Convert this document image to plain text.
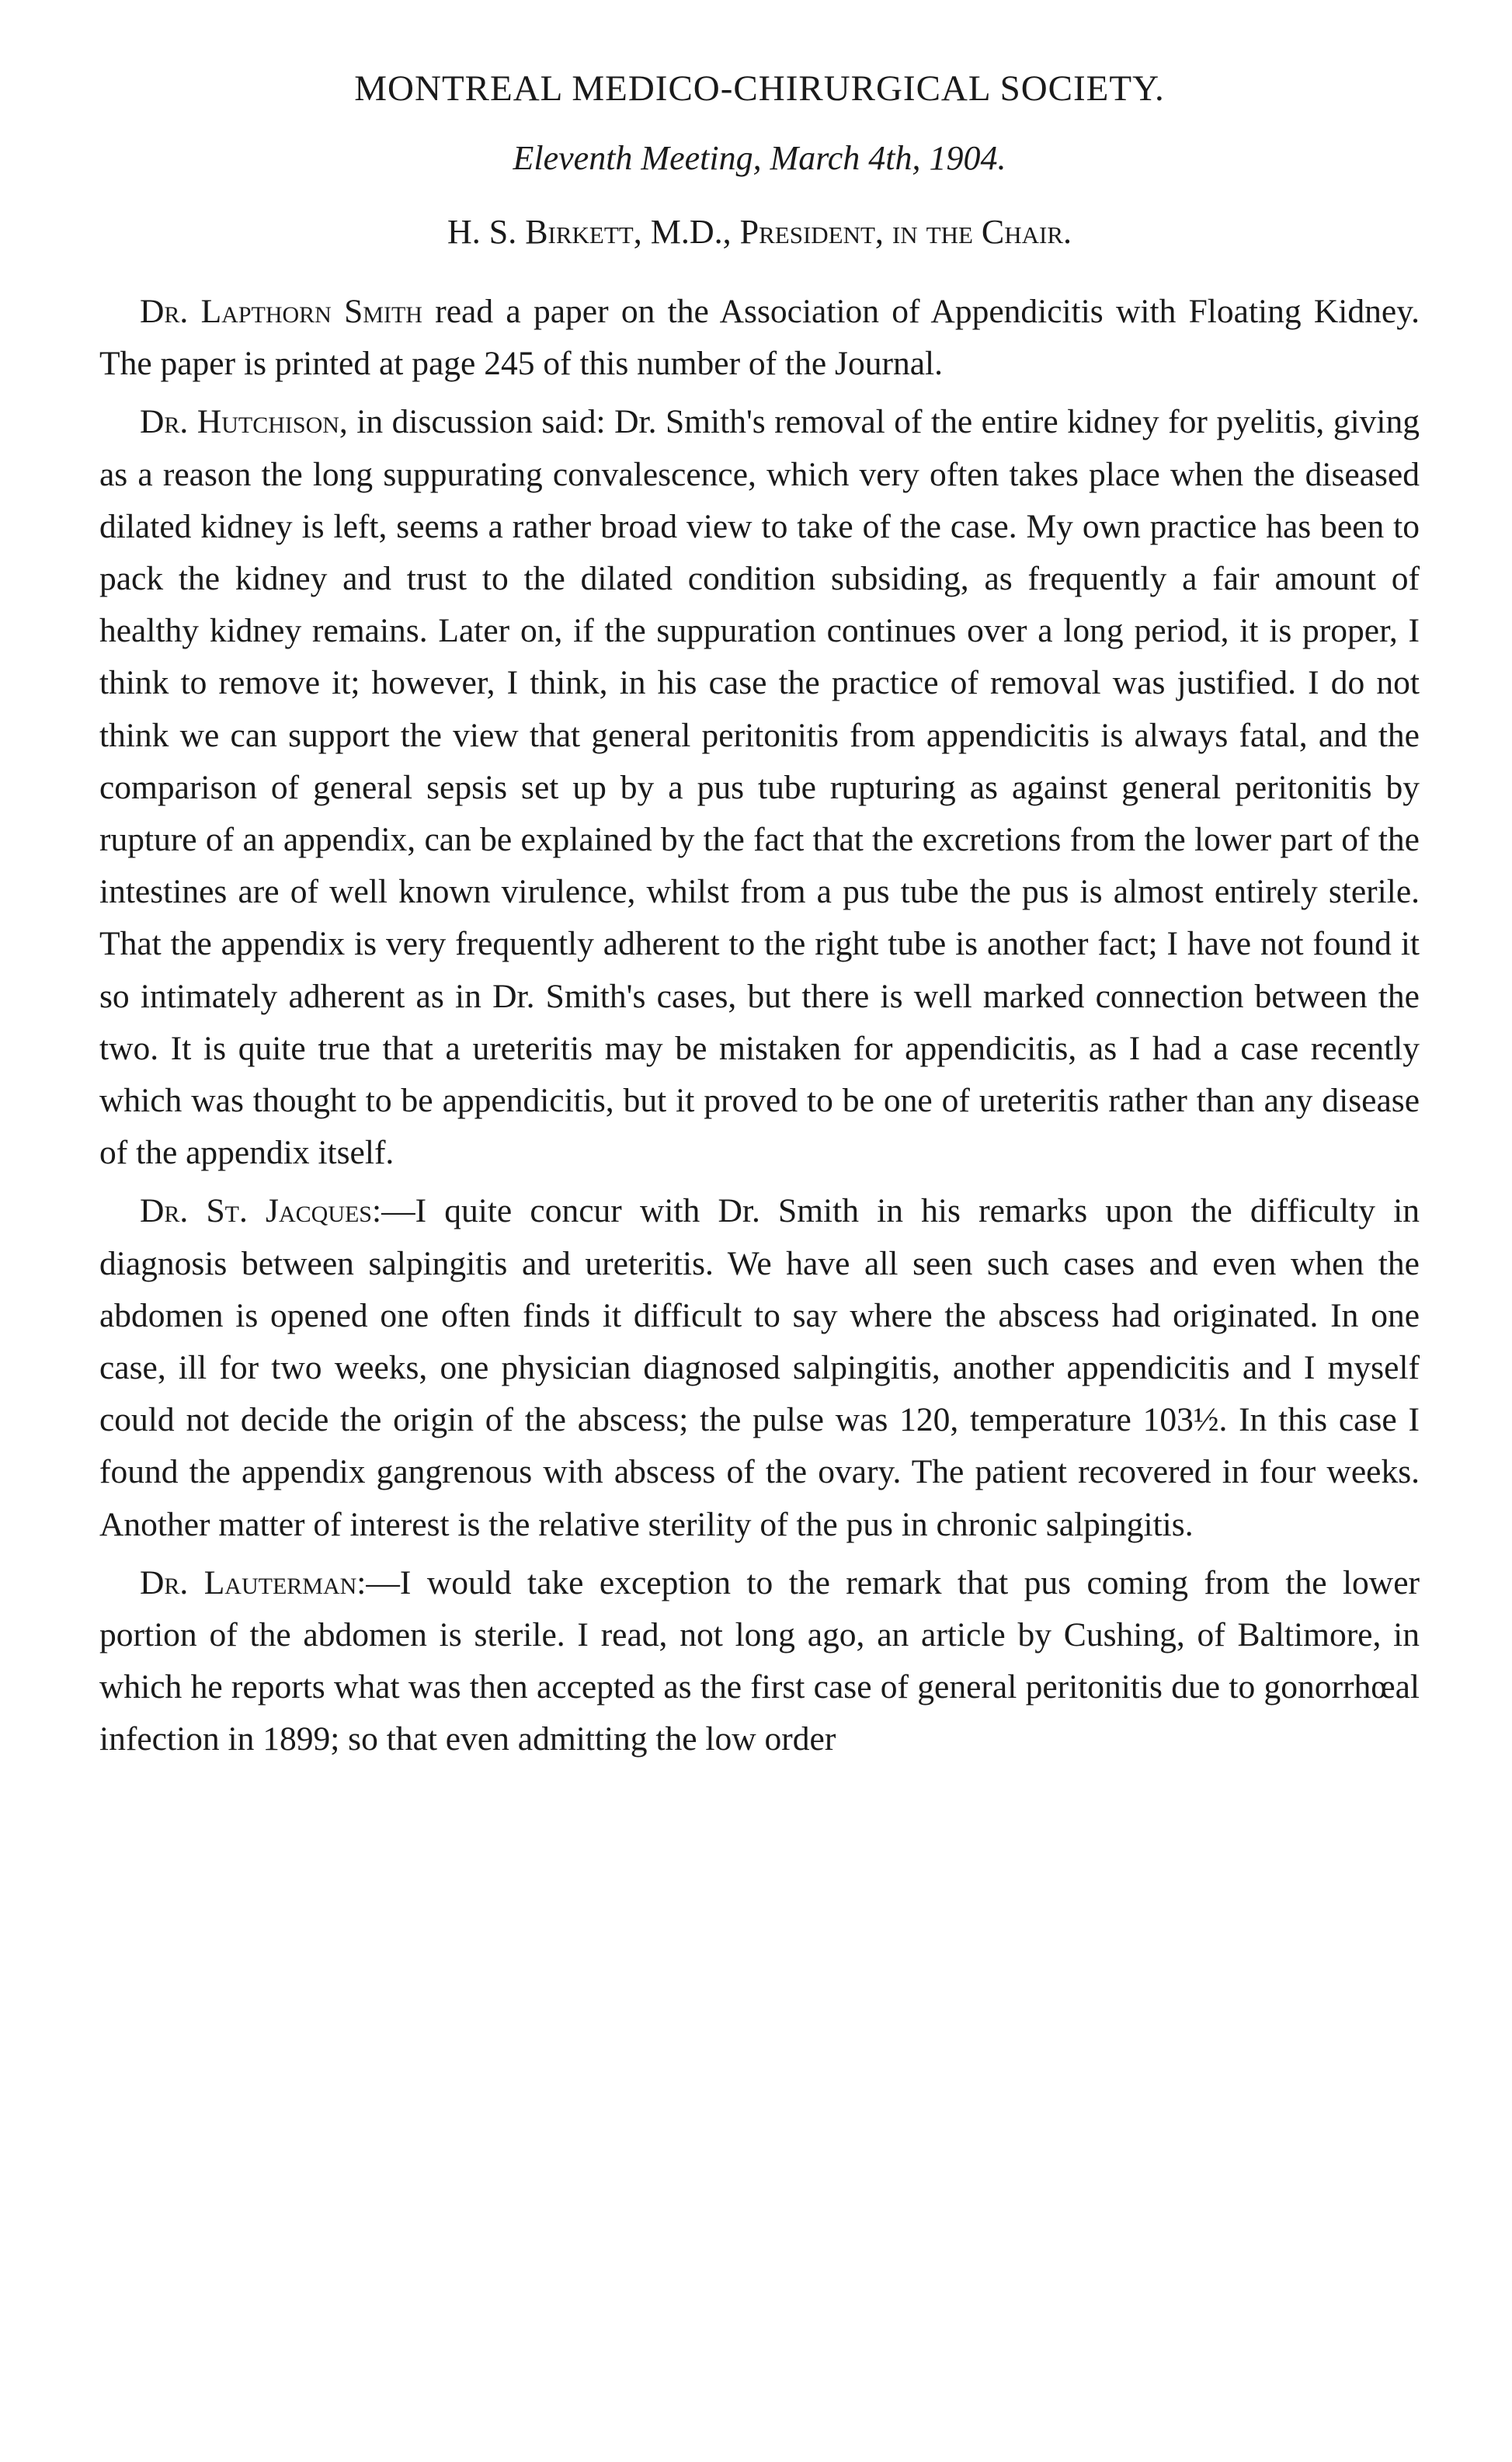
MONTREAL MEDICO-CHIRURGICAL SOCIETY.
Eleventh Meeting, March 4th, 1904.
H. S. Birkett, M.D., President, in the Chair.

Dr. Lapthorn Smith read a paper on the Association of Appendicitis with Floating Kidney. The paper is printed at page 245 of this number of the Journal.

Dr. Hutchison, in discussion said: Dr. Smith's removal of the entire kidney for pyelitis, giving as a reason the long suppurating convalescence, which very often takes place when the diseased dilated kidney is left, seems a rather broad view to take of the case. My own practice has been to pack the kidney and trust to the dilated condition subsiding, as frequently a fair amount of healthy kidney remains. Later on, if the suppuration continues over a long period, it is proper, I think to remove it; however, I think, in his case the practice of removal was justified. I do not think we can support the view that general peritonitis from appendicitis is always fatal, and the comparison of general sepsis set up by a pus tube rupturing as against general peritonitis by rupture of an appendix, can be explained by the fact that the excretions from the lower part of the intestines are of well known virulence, whilst from a pus tube the pus is almost entirely sterile. That the appendix is very frequently adherent to the right tube is another fact; I have not found it so intimately adherent as in Dr. Smith's cases, but there is well marked connection between the two. It is quite true that a ureteritis may be mistaken for appendicitis, as I had a case recently which was thought to be appendicitis, but it proved to be one of ureteritis rather than any disease of the appendix itself.

Dr. St. Jacques:—I quite concur with Dr. Smith in his remarks upon the difficulty in diagnosis between salpingitis and ureteritis. We have all seen such cases and even when the abdomen is opened one often finds it difficult to say where the abscess had originated. In one case, ill for two weeks, one physician diagnosed salpingitis, another appendicitis and I myself could not decide the origin of the abscess; the pulse was 120, temperature 103½. In this case I found the appendix gangrenous with abscess of the ovary. The patient recovered in four weeks. Another matter of interest is the relative sterility of the pus in chronic salpingitis.

Dr. Lauterman:—I would take exception to the remark that pus coming from the lower portion of the abdomen is sterile. I read, not long ago, an article by Cushing, of Baltimore, in which he reports what was then accepted as the first case of general peritonitis due to gonorrhœal infection in 1899; so that even admitting the low order
